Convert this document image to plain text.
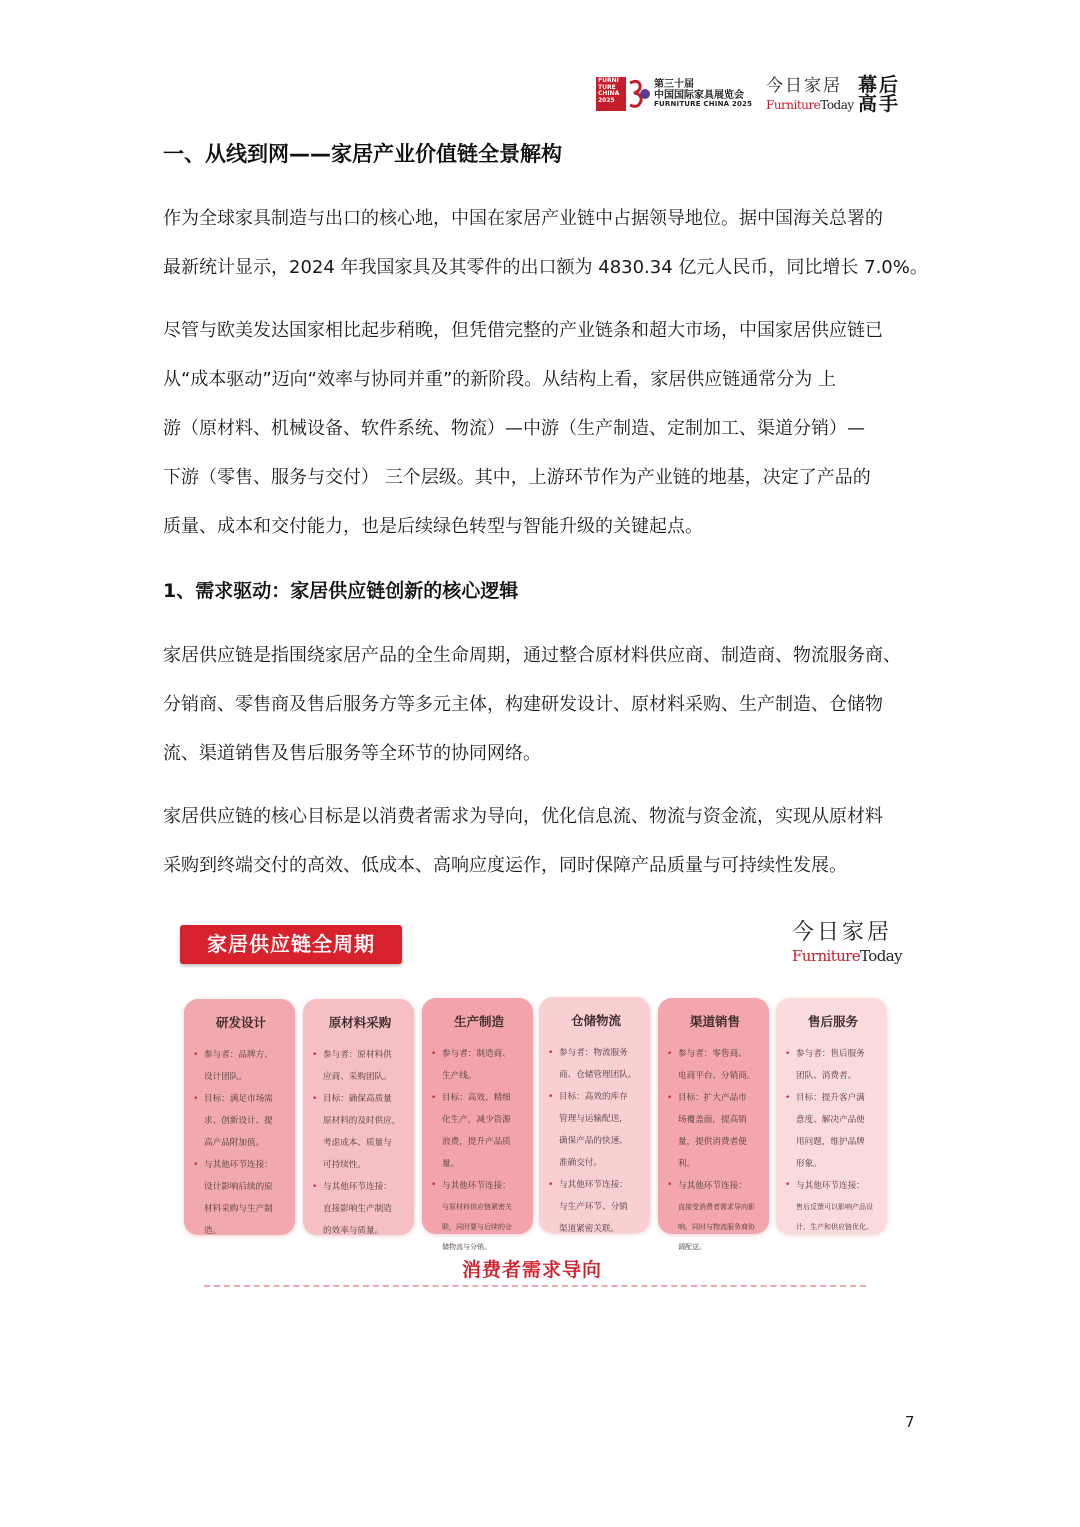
FURNI
TURE
CHINA
2025
第三十届
中国国际家具展览会
FURNITURE CHINA 2025
今日家居
FurnitureToday
幕后
高手
一、从线到网——家居产业价值链全景解构

作为全球家具制造与出口的核心地，中国在家居产业链中占据领导地位。据中国海关总署的
最新统计显示，2024 年我国家具及其零件的出口额为 4830.34 亿元人民币，同比增长 7.0%。

尽管与欧美发达国家相比起步稍晚，但凭借完整的产业链条和超大市场，中国家居供应链已
从“成本驱动”迈向“效率与协同并重”的新阶段。从结构上看，家居供应链通常分为 上
游（原材料、机械设备、软件系统、物流）—中游（生产制造、定制加工、渠道分销）—
下游（零售、服务与交付） 三个层级。其中，上游环节作为产业链的地基，决定了产品的
质量、成本和交付能力，也是后续绿色转型与智能升级的关键起点。

1、需求驱动：家居供应链创新的核心逻辑

家居供应链是指围绕家居产品的全生命周期，通过整合原材料供应商、制造商、物流服务商、
分销商、零售商及售后服务方等多元主体，构建研发设计、原材料采购、生产制造、仓储物
流、渠道销售及售后服务等全环节的协同网络。

家居供应链的核心目标是以消费者需求为导向，优化信息流、物流与资金流，实现从原材料
采购到终端交付的高效、低成本、高响应度运作，同时保障产品质量与可持续性发展。

家居供应链全周期	今日家居
FurnitureToday
研发设计
• 参与者：品牌方、
设计团队。
• 目标：满足市场需
求、创新设计、提
高产品附加值。
• 与其他环节连接：
设计影响后续的原
材料采购与生产制
造。
原材料采购
• 参与者：原材料供
应商、采购团队。
• 目标：确保高质量
原材料的及时供应，
考虑成本、质量与
可持续性。
• 与其他环节连接：
直接影响生产制造
的效率与质量。
生产制造
• 参与者：制造商、
生产线。
• 目标：高效、精细
化生产，减少资源
浪费，提升产品质
量。
• 与其他环节连接：
与原材料供应链紧密关
联，同时要与后续的仓
储物流与分销。
仓储物流
• 参与者：物流服务
商、仓储管理团队。
• 目标：高效的库存
管理与运输配送，
确保产品的快速、
准确交付。
• 与其他环节连接：
与生产环节、分销
渠道紧密关联。
渠道销售
• 参与者：零售商、
电商平台、分销商。
• 目标：扩大产品市
场覆盖面，提高销
量，提供消费者便
利。
• 与其他环节连接：
直接受消费者需求导向影
响，同时与物流服务商协
调配送。
售后服务
• 参与者：售后服务
团队、消费者。
• 目标：提升客户满
意度、解决产品使
用问题，维护品牌
形象。
• 与其他环节连接：
售后反馈可以影响产品设
计、生产和供应链优化。
消费者需求导向
7
